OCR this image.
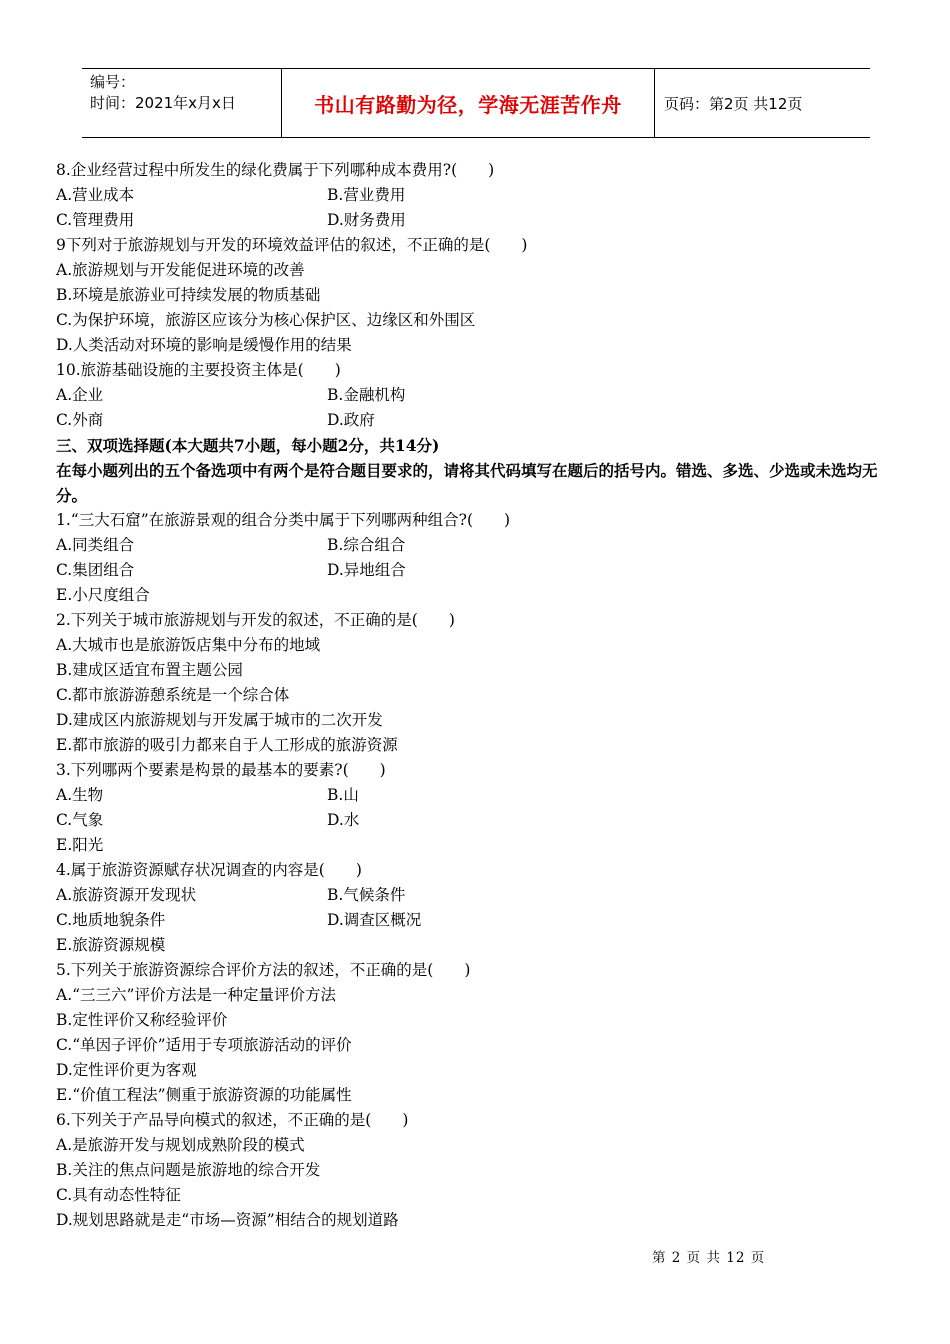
编号：
时间：2021年x月x日	书山有路勤为径，学海无涯苦作舟	页码：第2页 共12页
8.企业经营过程中所发生的绿化费属于下列哪种成本费用?(　　)
A.营业成本	B.营业费用
C.管理费用	D.财务费用
9下列对于旅游规划与开发的环境效益评估的叙述，不正确的是(　　)
A.旅游规划与开发能促进环境的改善
B.环境是旅游业可持续发展的物质基础
C.为保护环境，旅游区应该分为核心保护区、边缘区和外围区
D.人类活动对环境的影响是缓慢作用的结果
10.旅游基础设施的主要投资主体是(　　)
A.企业	B.金融机构
C.外商	D.政府
三、双项选择题(本大题共7小题，每小题2分，共14分)
在每小题列出的五个备选项中有两个是符合题目要求的，请将其代码填写在题后的括号内。错选、多选、少选或未选均无分。
1.“三大石窟”在旅游景观的组合分类中属于下列哪两种组合?(　　)
A.同类组合	B.综合组合
C.集团组合	D.异地组合
E.小尺度组合
2.下列关于城市旅游规划与开发的叙述，不正确的是(　　)
A.大城市也是旅游饭店集中分布的地域
B.建成区适宜布置主题公园
C.都市旅游游憩系统是一个综合体
D.建成区内旅游规划与开发属于城市的二次开发
E.都市旅游的吸引力都来自于人工形成的旅游资源
3.下列哪两个要素是构景的最基本的要素?(　　)
A.生物	B.山
C.气象	D.水
E.阳光
4.属于旅游资源赋存状况调查的内容是(　　)
A.旅游资源开发现状	B.气候条件
C.地质地貌条件	D.调查区概况
E.旅游资源规模
5.下列关于旅游资源综合评价方法的叙述，不正确的是(　　)
A.“三三六”评价方法是一种定量评价方法
B.定性评价又称经验评价
C.“单因子评价”适用于专项旅游活动的评价
D.定性评价更为客观
E.“价值工程法”侧重于旅游资源的功能属性
6.下列关于产品导向模式的叙述，不正确的是(　　)
A.是旅游开发与规划成熟阶段的模式
B.关注的焦点问题是旅游地的综合开发
C.具有动态性特征
D.规划思路就是走“市场—资源”相结合的规划道路
第 2 页 共 12 页
